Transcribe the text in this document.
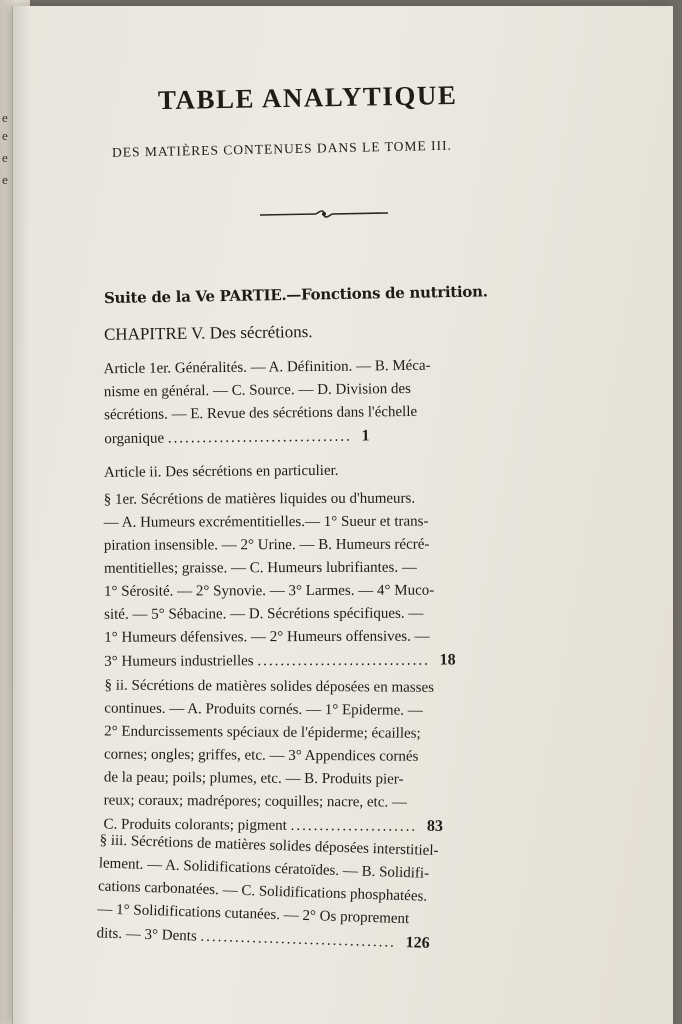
e
e
e
e
TABLE ANALYTIQUE
DES MATIÈRES CONTENUES DANS LE TOME III.
Suite de la Ve PARTIE.—Fonctions de nutrition.
CHAPITRE V. Des sécrétions.
Article 1er. Généralités. — A. Définition. — B. Méca-
nisme en général. — C. Source. — D. Division des
sécrétions. — E. Revue des sécrétions dans l'échelle
organique ................................ 1
Article ii. Des sécrétions en particulier.
§ 1er. Sécrétions de matières liquides ou d'humeurs.
— A. Humeurs excrémentitielles.— 1° Sueur et trans-
piration insensible. — 2° Urine. — B. Humeurs récré-
mentitielles; graisse. — C. Humeurs lubrifiantes. —
1° Sérosité. — 2° Synovie. — 3° Larmes. — 4° Muco-
sité. — 5° Sébacine. — D. Sécrétions spécifiques. —
1° Humeurs défensives. — 2° Humeurs offensives. —
3° Humeurs industrielles .............................. 18
§ ii. Sécrétions de matières solides déposées en masses
continues. — A. Produits cornés. — 1° Epiderme. —
2° Endurcissements spéciaux de l'épiderme; écailles;
cornes; ongles; griffes, etc. — 3° Appendices cornés
de la peau; poils; plumes, etc. — B. Produits pier-
reux; coraux; madrépores; coquilles; nacre, etc. —
C. Produits colorants; pigment ...................... 83
§ iii. Sécrétions de matières solides déposées interstitiel-
lement. — A. Solidifications cératoïdes. — B. Solidifi-
cations carbonatées. — C. Solidifications phosphatées.
— 1° Solidifications cutanées. — 2° Os proprement
dits. — 3° Dents .................................. 126
